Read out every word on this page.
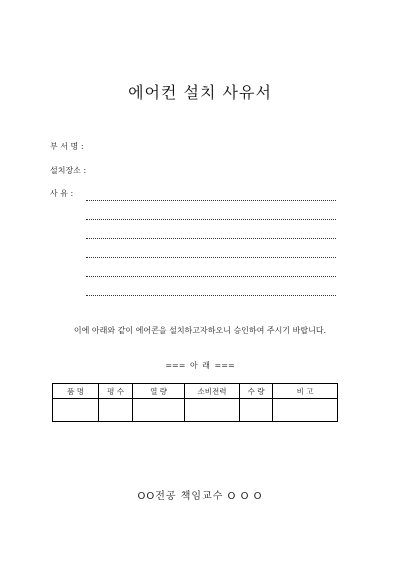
에어컨 설치 사유서
부 서 명 :
설치장소 :
사 유 :
이에 아래와 같이 에어콘을 설치하고자하오니 승인하여 주시기 바랍니다.
=== 아 래 ===
품 명	평 수	열 량	소비전력	수 량	비 고

OO전공 책임교수 O O O
